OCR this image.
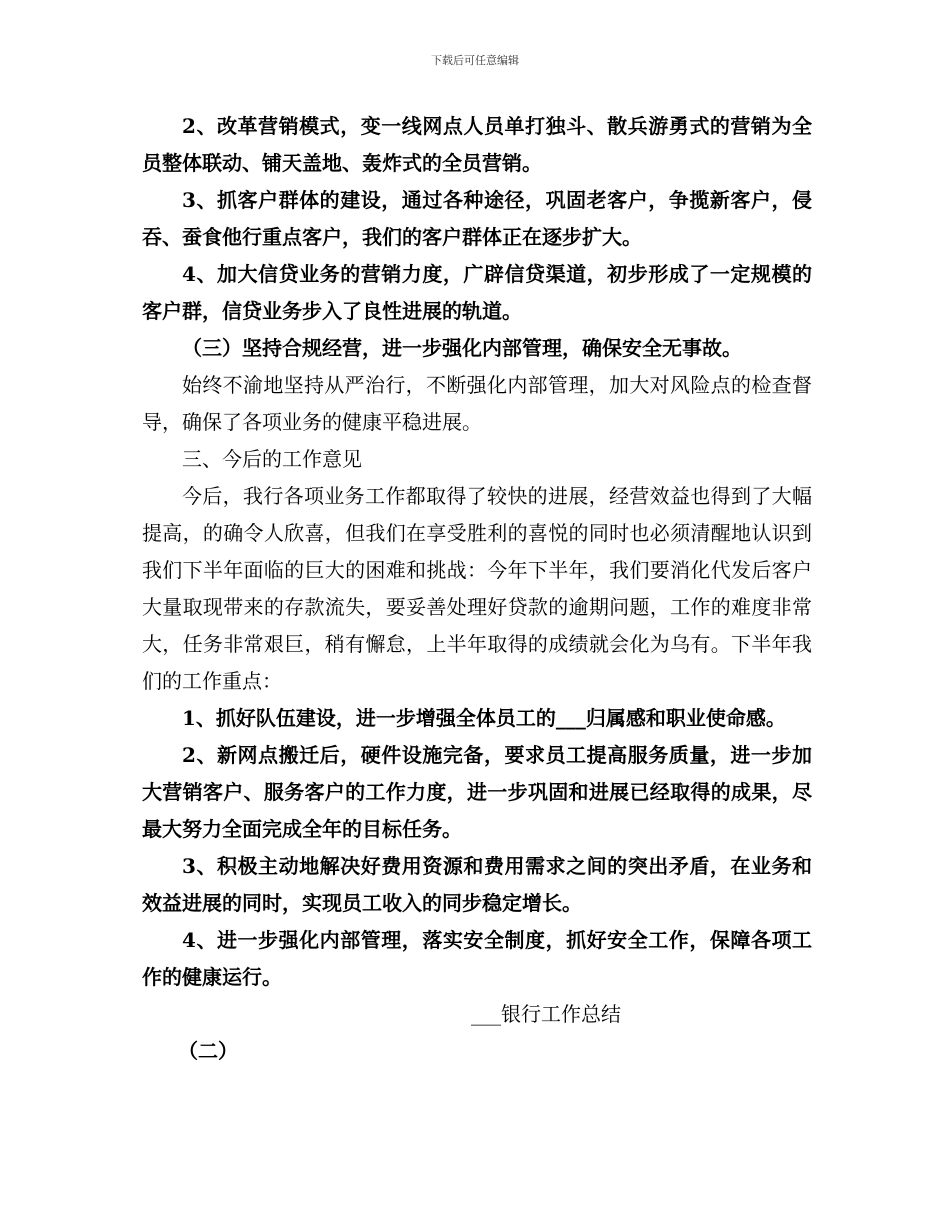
下载后可任意编辑

2、改革营销模式，变一线网点人员单打独斗、散兵游勇式的营销为全员整体联动、铺天盖地、轰炸式的全员营销。

3、抓客户群体的建设，通过各种途径，巩固老客户，争揽新客户，侵吞、蚕食他行重点客户，我们的客户群体正在逐步扩大。

4、加大信贷业务的营销力度，广辟信贷渠道，初步形成了一定规模的客户群，信贷业务步入了良性进展的轨道。

（三）坚持合规经营，进一步强化内部管理，确保安全无事故。

始终不渝地坚持从严治行，不断强化内部管理，加大对风险点的检查督导，确保了各项业务的健康平稳进展。

三、今后的工作意见

今后，我行各项业务工作都取得了较快的进展，经营效益也得到了大幅提高，的确令人欣喜，但我们在享受胜利的喜悦的同时也必须清醒地认识到我们下半年面临的巨大的困难和挑战：今年下半年，我们要消化代发后客户大量取现带来的存款流失，要妥善处理好贷款的逾期问题，工作的难度非常大，任务非常艰巨，稍有懈怠，上半年取得的成绩就会化为乌有。下半年我们的工作重点：

1、抓好队伍建设，进一步增强全体员工的___归属感和职业使命感。

2、新网点搬迁后，硬件设施完备，要求员工提高服务质量，进一步加大营销客户、服务客户的工作力度，进一步巩固和进展已经取得的成果，尽最大努力全面完成全年的目标任务。

3、积极主动地解决好费用资源和费用需求之间的突出矛盾，在业务和效益进展的同时，实现员工收入的同步稳定增长。

4、进一步强化内部管理，落实安全制度，抓好安全工作，保障各项工作的健康运行。

___银行工作总结

（二）
